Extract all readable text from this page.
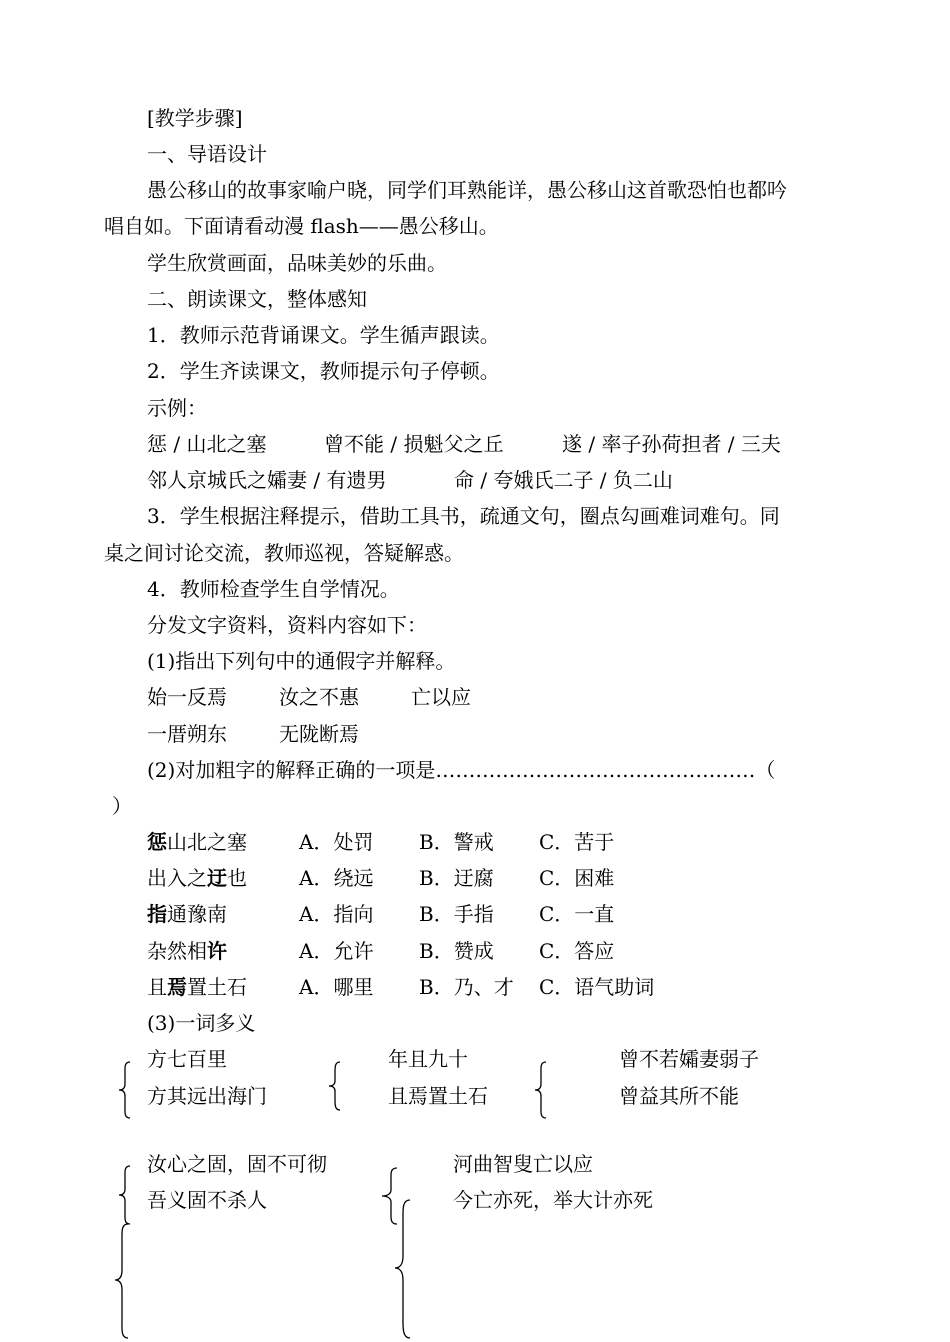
[教学步骤]
一、导语设计
愚公移山的故事家喻户晓，同学们耳熟能详，愚公移山这首歌恐怕也都吟
唱自如。下面请看动漫 flash——愚公移山。
学生欣赏画面，品味美妙的乐曲。
二、朗读课文，整体感知
1．教师示范背诵课文。学生循声跟读。
2．学生齐读课文，教师提示句子停顿。
示例：
惩 / 山北之塞	曾不能 / 损魁父之丘	遂 / 率子孙荷担者 / 三夫
邻人京城氏之孀妻 / 有遗男	命 / 夸娥氏二子 / 负二山
3．学生根据注释提示，借助工具书，疏通文句，圈点勾画难词难句。同
桌之间讨论交流，教师巡视，答疑解惑。
4．教师检查学生自学情况。
分发文字资料，资料内容如下：
(1)指出下列句中的通假字并解释。
始一反焉	汝之不惠	亡以应
一厝朔东	无陇断焉
(2)对加粗字的解释正确的一项是…………………………………………（
）
惩山北之塞	A．处罚 B．警戒 C．苦于
出入之迂也	A．绕远 B．迂腐 C．困难
指通豫南	A．指向 B．手指 C．一直
杂然相许	A．允许 B．赞成 C．答应
且焉置土石	A．哪里 B．乃、才 C．语气助词
(3)一词多义
方七百里
方其远出海门
年且九十
且焉置土石
曾不若孀妻弱子
曾益其所不能
汝心之固，固不可彻
吾义固不杀人
河曲智叟亡以应
今亡亦死，举大计亦死
